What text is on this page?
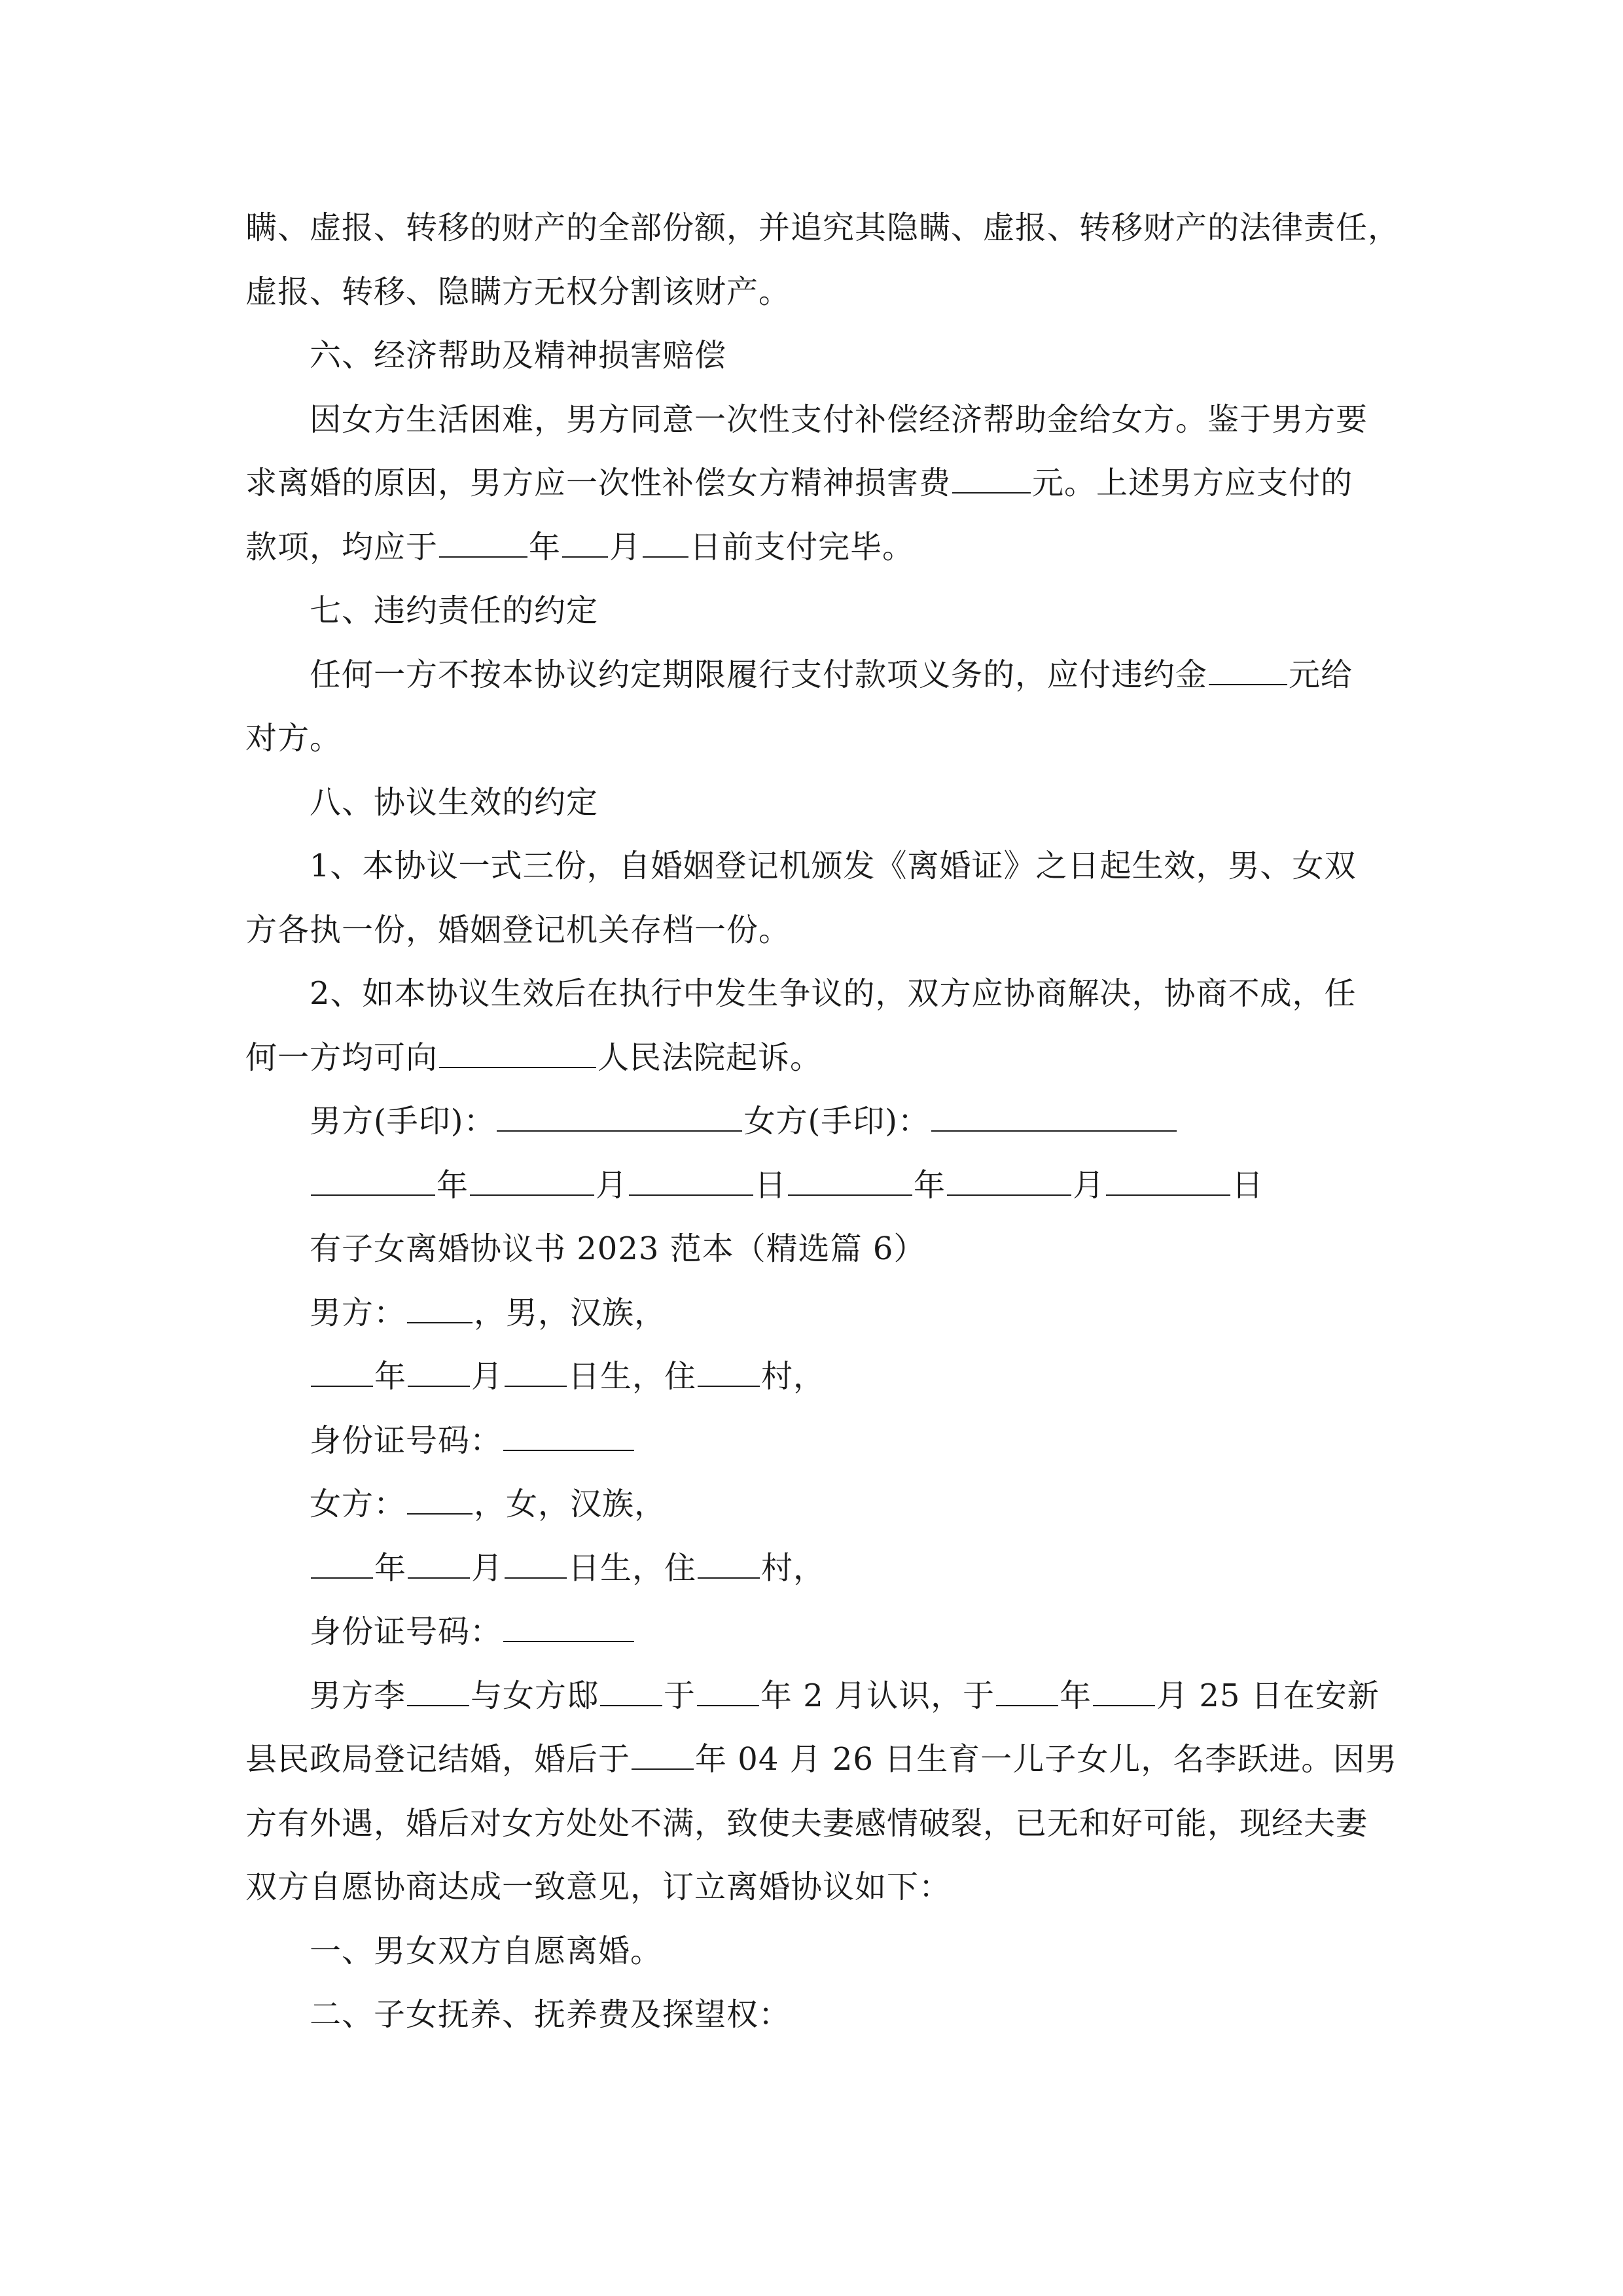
瞒、虚报、转移的财产的全部份额，并追究其隐瞒、虚报、转移财产的法律责任，
虚报、转移、隐瞒方无权分割该财产。
六、经济帮助及精神损害赔偿
因女方生活困难，男方同意一次性支付补偿经济帮助金给女方。鉴于男方要
求离婚的原因，男方应一次性补偿女方精神损害费	元。上述男方应支付的
款项，均应于	年 月 日前支付完毕。
七、违约责任的约定
任何一方不按本协议约定期限履行支付款项义务的，应付违约金	元给
对方。
八、协议生效的约定
1、本协议一式三份，自婚姻登记机颁发《离婚证》之日起生效，男、女双
方各执一份，婚姻登记机关存档一份。
2、如本协议生效后在执行中发生争议的，双方应协商解决，协商不成，任
何一方均可向	人民法院起诉。
男方(手印)：	女方(手印)：
年	月	日	年	月	日
有子女离婚协议书 2023 范本（精选篇 6）
男方： ，男，汉族，
年 月 日生，住 村，
身份证号码：
女方： ，女，汉族，
年 月 日生，住 村，
身份证号码：
男方李 与女方邸 于 年 2 月认识，于 年 月 25 日在安新
县民政局登记结婚，婚后于 年 04 月 26 日生育一儿子女儿，名李跃进。因男
方有外遇，婚后对女方处处不满，致使夫妻感情破裂，已无和好可能，现经夫妻
双方自愿协商达成一致意见，订立离婚协议如下：
一、男女双方自愿离婚。
二、子女抚养、抚养费及探望权：
